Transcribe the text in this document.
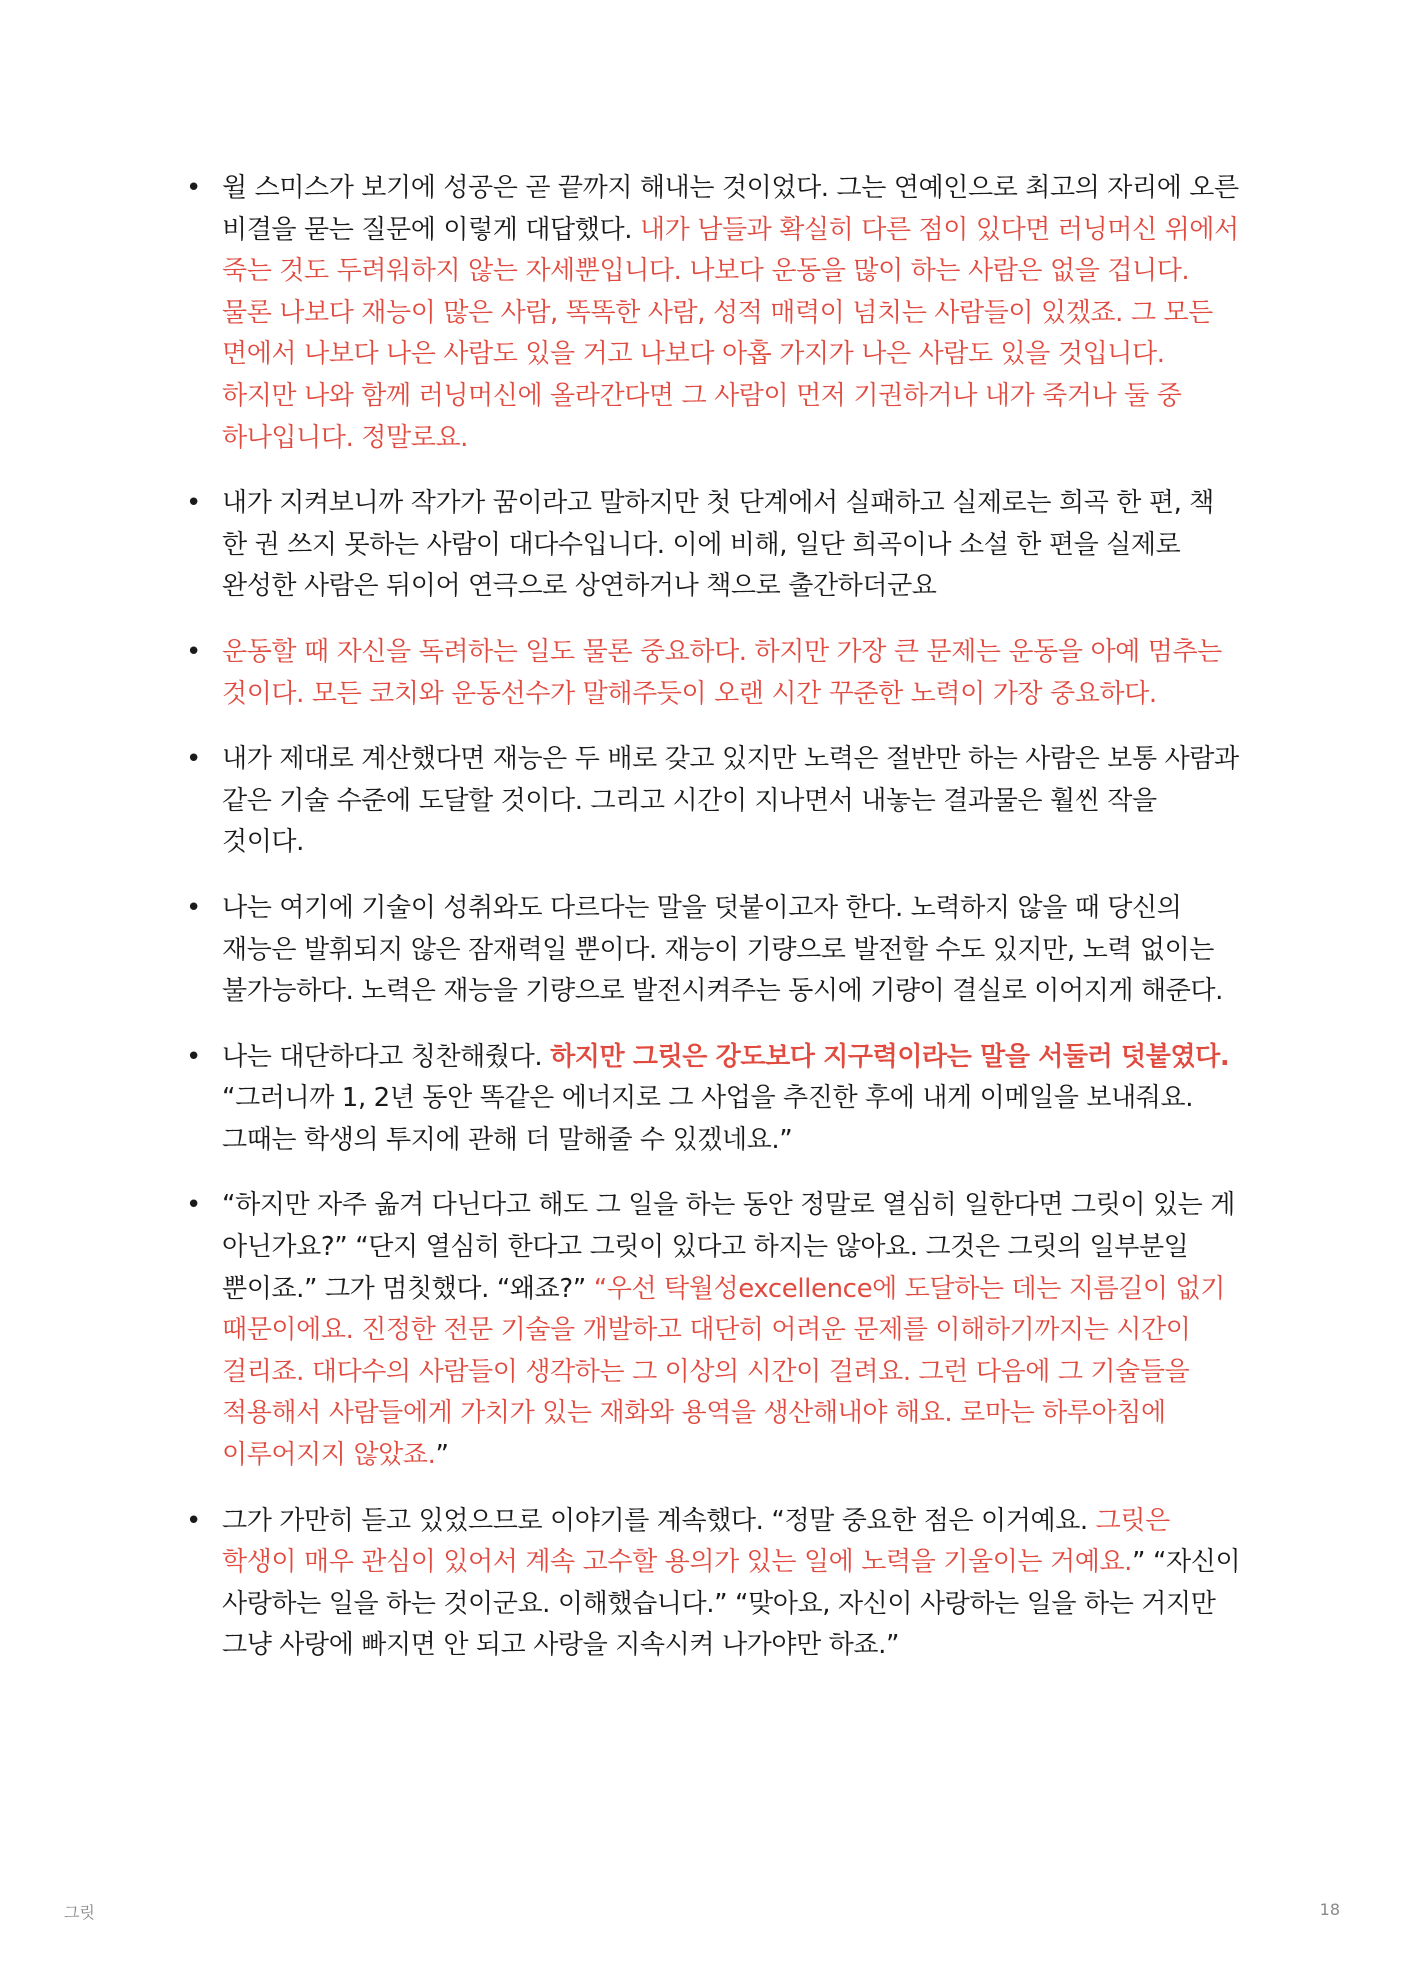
• 윌 스미스가 보기에 성공은 곧 끝까지 해내는 것이었다. 그는 연예인으로 최고의 자리에 오른 비결을 묻는 질문에 이렇게 대답했다. 내가 남들과 확실히 다른 점이 있다면 러닝머신 위에서 죽는 것도 두려워하지 않는 자세뿐입니다. 나보다 운동을 많이 하는 사람은 없을 겁니다. 물론 나보다 재능이 많은 사람, 똑똑한 사람, 성적 매력이 넘치는 사람들이 있겠죠. 그 모든 면에서 나보다 나은 사람도 있을 거고 나보다 아홉 가지가 나은 사람도 있을 것입니다. 하지만 나와 함께 러닝머신에 올라간다면 그 사람이 먼저 기권하거나 내가 죽거나 둘 중 하나입니다. 정말로요.
• 내가 지켜보니까 작가가 꿈이라고 말하지만 첫 단계에서 실패하고 실제로는 희곡 한 편, 책 한 권 쓰지 못하는 사람이 대다수입니다. 이에 비해, 일단 희곡이나 소설 한 편을 실제로 완성한 사람은 뒤이어 연극으로 상연하거나 책으로 출간하더군요
• 운동할 때 자신을 독려하는 일도 물론 중요하다. 하지만 가장 큰 문제는 운동을 아예 멈추는 것이다. 모든 코치와 운동선수가 말해주듯이 오랜 시간 꾸준한 노력이 가장 중요하다.
• 내가 제대로 계산했다면 재능은 두 배로 갖고 있지만 노력은 절반만 하는 사람은 보통 사람과 같은 기술 수준에 도달할 것이다. 그리고 시간이 지나면서 내놓는 결과물은 훨씬 작을 것이다.
• 나는 여기에 기술이 성취와도 다르다는 말을 덧붙이고자 한다. 노력하지 않을 때 당신의 재능은 발휘되지 않은 잠재력일 뿐이다. 재능이 기량으로 발전할 수도 있지만, 노력 없이는 불가능하다. 노력은 재능을 기량으로 발전시켜주는 동시에 기량이 결실로 이어지게 해준다.
• 나는 대단하다고 칭찬해줬다. 하지만 그릿은 강도보다 지구력이라는 말을 서둘러 덧붙였다. “그러니까 1, 2년 동안 똑같은 에너지로 그 사업을 추진한 후에 내게 이메일을 보내줘요. 그때는 학생의 투지에 관해 더 말해줄 수 있겠네요.”
• “하지만 자주 옮겨 다닌다고 해도 그 일을 하는 동안 정말로 열심히 일한다면 그릿이 있는 게 아닌가요?” “단지 열심히 한다고 그릿이 있다고 하지는 않아요. 그것은 그릿의 일부분일 뿐이죠.” 그가 멈칫했다. “왜죠?” “우선 탁월성excellence에 도달하는 데는 지름길이 없기 때문이에요. 진정한 전문 기술을 개발하고 대단히 어려운 문제를 이해하기까지는 시간이 걸리죠. 대다수의 사람들이 생각하는 그 이상의 시간이 걸려요. 그런 다음에 그 기술들을 적용해서 사람들에게 가치가 있는 재화와 용역을 생산해내야 해요. 로마는 하루아침에 이루어지지 않았죠.”
• 그가 가만히 듣고 있었으므로 이야기를 계속했다. “정말 중요한 점은 이거예요. 그릿은 학생이 매우 관심이 있어서 계속 고수할 용의가 있는 일에 노력을 기울이는 거예요.” “자신이 사랑하는 일을 하는 것이군요. 이해했습니다.” “맞아요, 자신이 사랑하는 일을 하는 거지만 그냥 사랑에 빠지면 안 되고 사랑을 지속시켜 나가야만 하죠.”
그릿	18
